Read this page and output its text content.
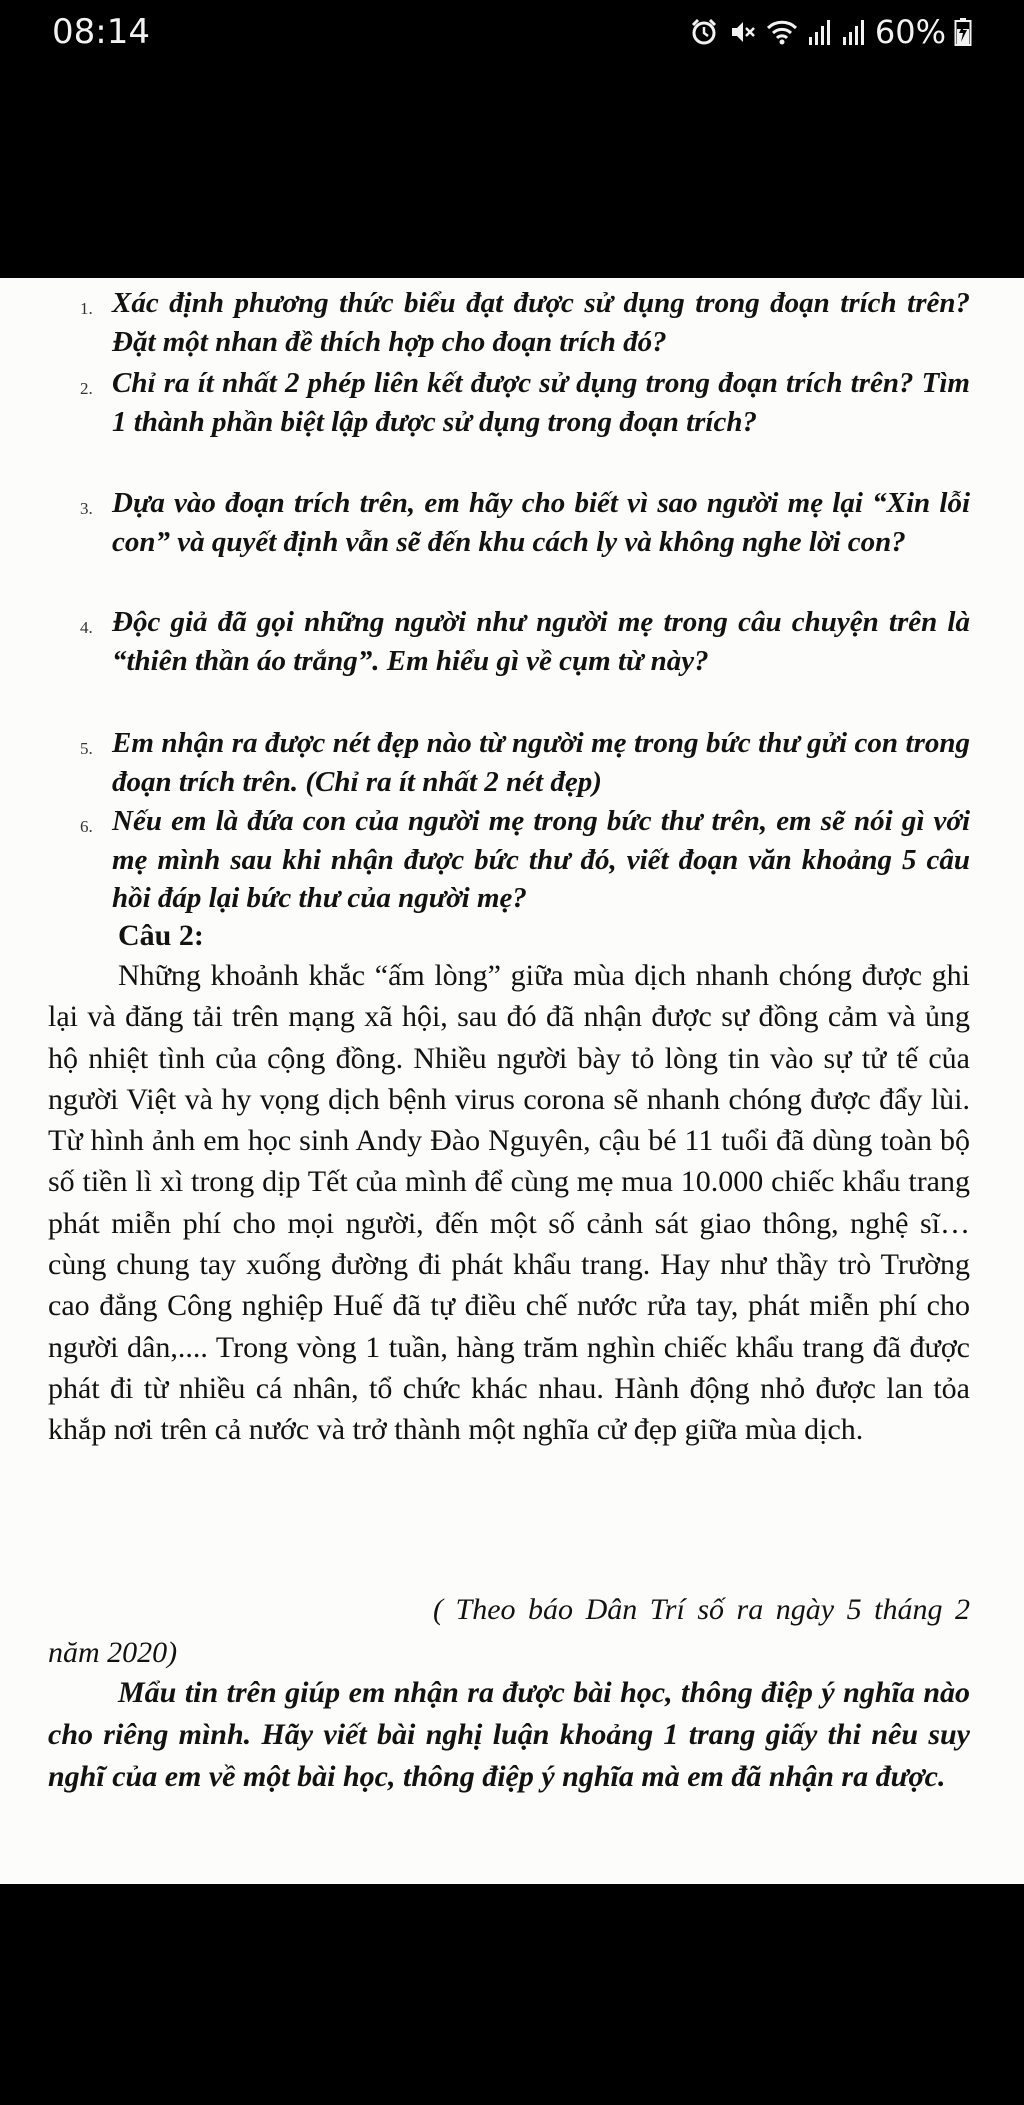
08:14	60%
1. Xác định phương thức biểu đạt được sử dụng trong đoạn trích trên? Đặt một nhan đề thích hợp cho đoạn trích đó?
2. Chỉ ra ít nhất 2 phép liên kết được sử dụng trong đoạn trích trên? Tìm 1 thành phần biệt lập được sử dụng trong đoạn trích?
3. Dựa vào đoạn trích trên, em hãy cho biết vì sao người mẹ lại “Xin lỗi con” và quyết định vẫn sẽ đến khu cách ly và không nghe lời con?
4. Độc giả đã gọi những người như người mẹ trong câu chuyện trên là “thiên thần áo trắng”. Em hiểu gì về cụm từ này?
5. Em nhận ra được nét đẹp nào từ người mẹ trong bức thư gửi con trong đoạn trích trên. (Chỉ ra ít nhất 2 nét đẹp)
6. Nếu em là đứa con của người mẹ trong bức thư trên, em sẽ nói gì với mẹ mình sau khi nhận được bức thư đó, viết đoạn văn khoảng 5 câu hồi đáp lại bức thư của người mẹ?
Câu 2:
Những khoảnh khắc “ấm lòng” giữa mùa dịch nhanh chóng được ghi lại và đăng tải trên mạng xã hội, sau đó đã nhận được sự đồng cảm và ủng hộ nhiệt tình của cộng đồng. Nhiều người bày tỏ lòng tin vào sự tử tế của người Việt và hy vọng dịch bệnh virus corona sẽ nhanh chóng được đẩy lùi. Từ hình ảnh em học sinh Andy Đào Nguyên, cậu bé 11 tuổi đã dùng toàn bộ số tiền lì xì trong dịp Tết của mình để cùng mẹ mua 10.000 chiếc khẩu trang phát miễn phí cho mọi người, đến một số cảnh sát giao thông, nghệ sĩ… cùng chung tay xuống đường đi phát khẩu trang. Hay như thầy trò Trường cao đẳng Công nghiệp Huế đã tự điều chế nước rửa tay, phát miễn phí cho người dân,.... Trong vòng 1 tuần, hàng trăm nghìn chiếc khẩu trang đã được phát đi từ nhiều cá nhân, tổ chức khác nhau. Hành động nhỏ được lan tỏa khắp nơi trên cả nước và trở thành một nghĩa cử đẹp giữa mùa dịch.
( Theo báo Dân Trí số ra ngày 5 tháng 2 năm 2020)
Mẩu tin trên giúp em nhận ra được bài học, thông điệp ý nghĩa nào cho riêng mình. Hãy viết bài nghị luận khoảng 1 trang giấy thi nêu suy nghĩ của em về một bài học, thông điệp ý nghĩa mà em đã nhận ra được.
